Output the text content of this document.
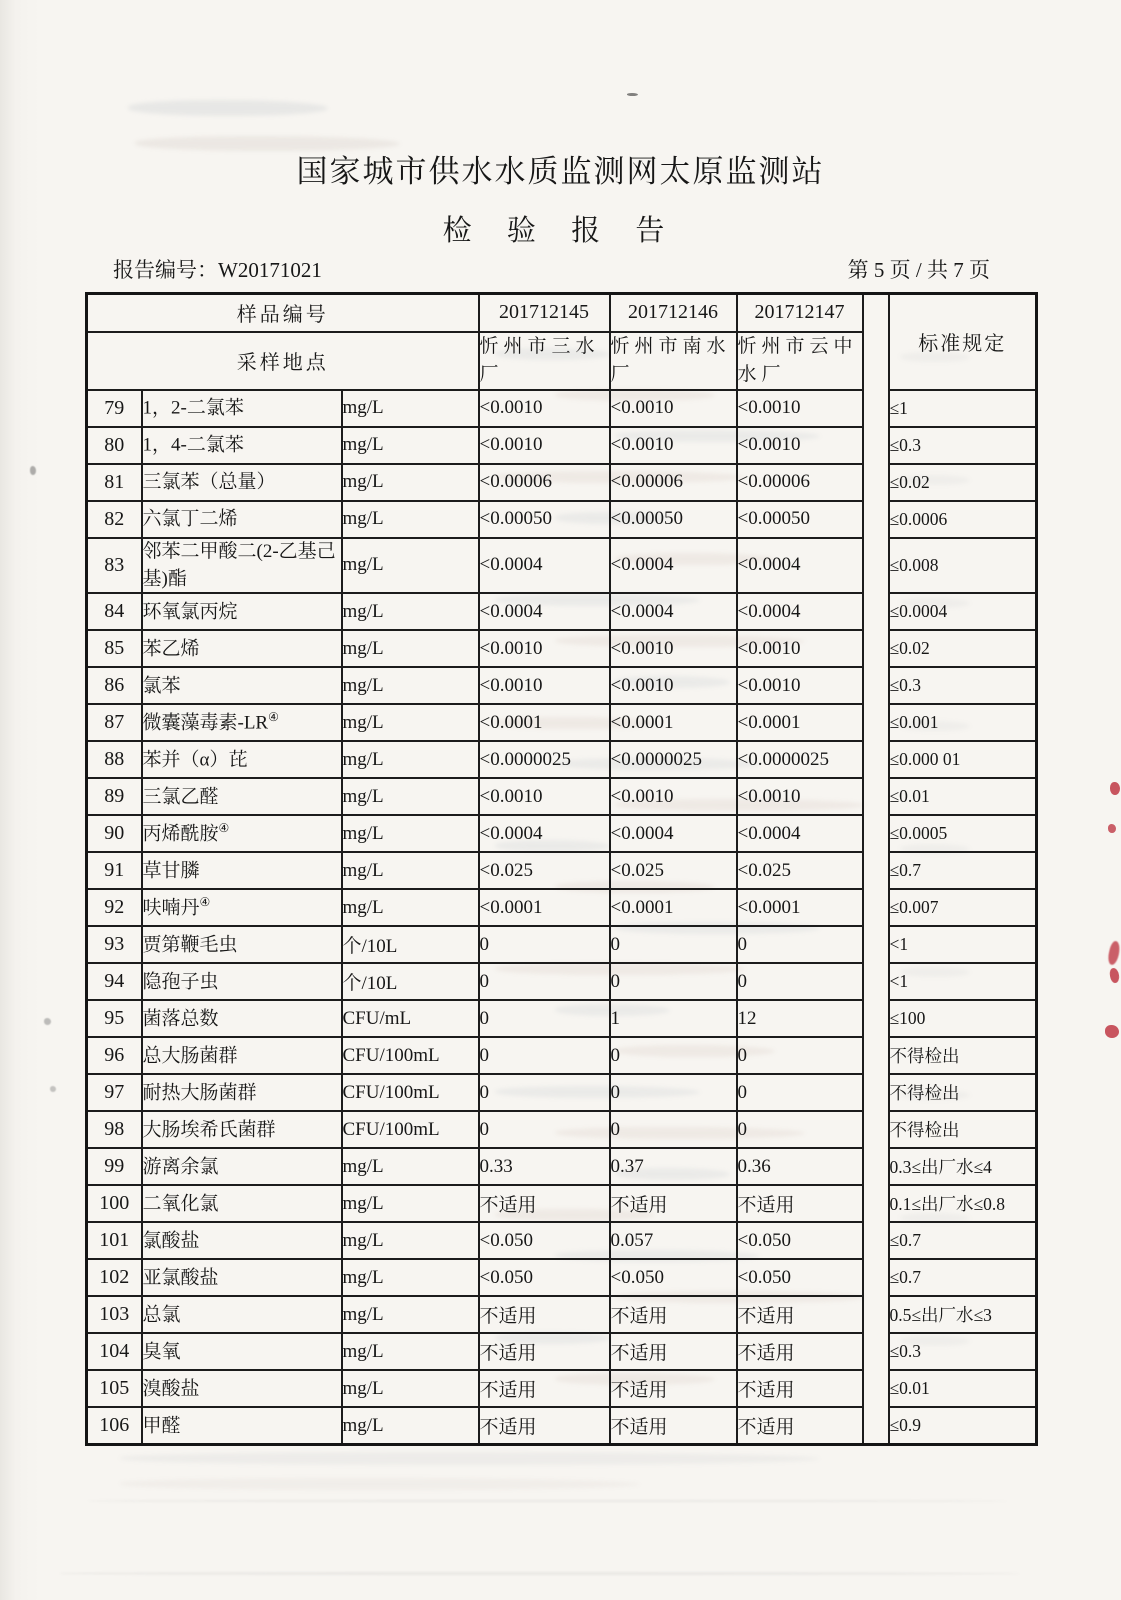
国家城市供水水质监测网太原监测站
检 验 报 告
报告编号：W20171021	第 5 页 / 共 7 页
样品编号			201712145	201712146	201712147		标准规定
采样地点			忻州市三水厂	忻州市南水厂	忻州市云中水厂		
79	1，2-二氯苯	mg/L	<0.0010	<0.0010	<0.0010		≤1
80	1，4-二氯苯	mg/L	<0.0010	<0.0010	<0.0010		≤0.3
81	三氯苯（总量）	mg/L	<0.00006	<0.00006	<0.00006		≤0.02
82	六氯丁二烯	mg/L	<0.00050	<0.00050	<0.00050		≤0.0006
83	邻苯二甲酸二(2-乙基己基)酯	mg/L	<0.0004	<0.0004	<0.0004		≤0.008
84	环氧氯丙烷	mg/L	<0.0004	<0.0004	<0.0004		≤0.0004
85	苯乙烯	mg/L	<0.0010	<0.0010	<0.0010		≤0.02
86	氯苯	mg/L	<0.0010	<0.0010	<0.0010		≤0.3
87	微囊藻毒素-LR④	mg/L	<0.0001	<0.0001	<0.0001		≤0.001
88	苯并（α）芘	mg/L	<0.0000025	<0.0000025	<0.0000025		≤0.000 01
89	三氯乙醛	mg/L	<0.0010	<0.0010	<0.0010		≤0.01
90	丙烯酰胺④	mg/L	<0.0004	<0.0004	<0.0004		≤0.0005
91	草甘膦	mg/L	<0.025	<0.025	<0.025		≤0.7
92	呋喃丹④	mg/L	<0.0001	<0.0001	<0.0001		≤0.007
93	贾第鞭毛虫	个/10L	0	0	0		<1
94	隐孢子虫	个/10L	0	0	0		<1
95	菌落总数	CFU/mL	0	1	12		≤100
96	总大肠菌群	CFU/100mL	0	0	0		不得检出
97	耐热大肠菌群	CFU/100mL	0	0	0		不得检出
98	大肠埃希氏菌群	CFU/100mL	0	0	0		不得检出
99	游离余氯	mg/L	0.33	0.37	0.36		0.3≤出厂水≤4
100	二氧化氯	mg/L	不适用	不适用	不适用		0.1≤出厂水≤0.8
101	氯酸盐	mg/L	<0.050	0.057	<0.050		≤0.7
102	亚氯酸盐	mg/L	<0.050	<0.050	<0.050		≤0.7
103	总氯	mg/L	不适用	不适用	不适用		0.5≤出厂水≤3
104	臭氧	mg/L	不适用	不适用	不适用		≤0.3
105	溴酸盐	mg/L	不适用	不适用	不适用		≤0.01
106	甲醛	mg/L	不适用	不适用	不适用		≤0.9
